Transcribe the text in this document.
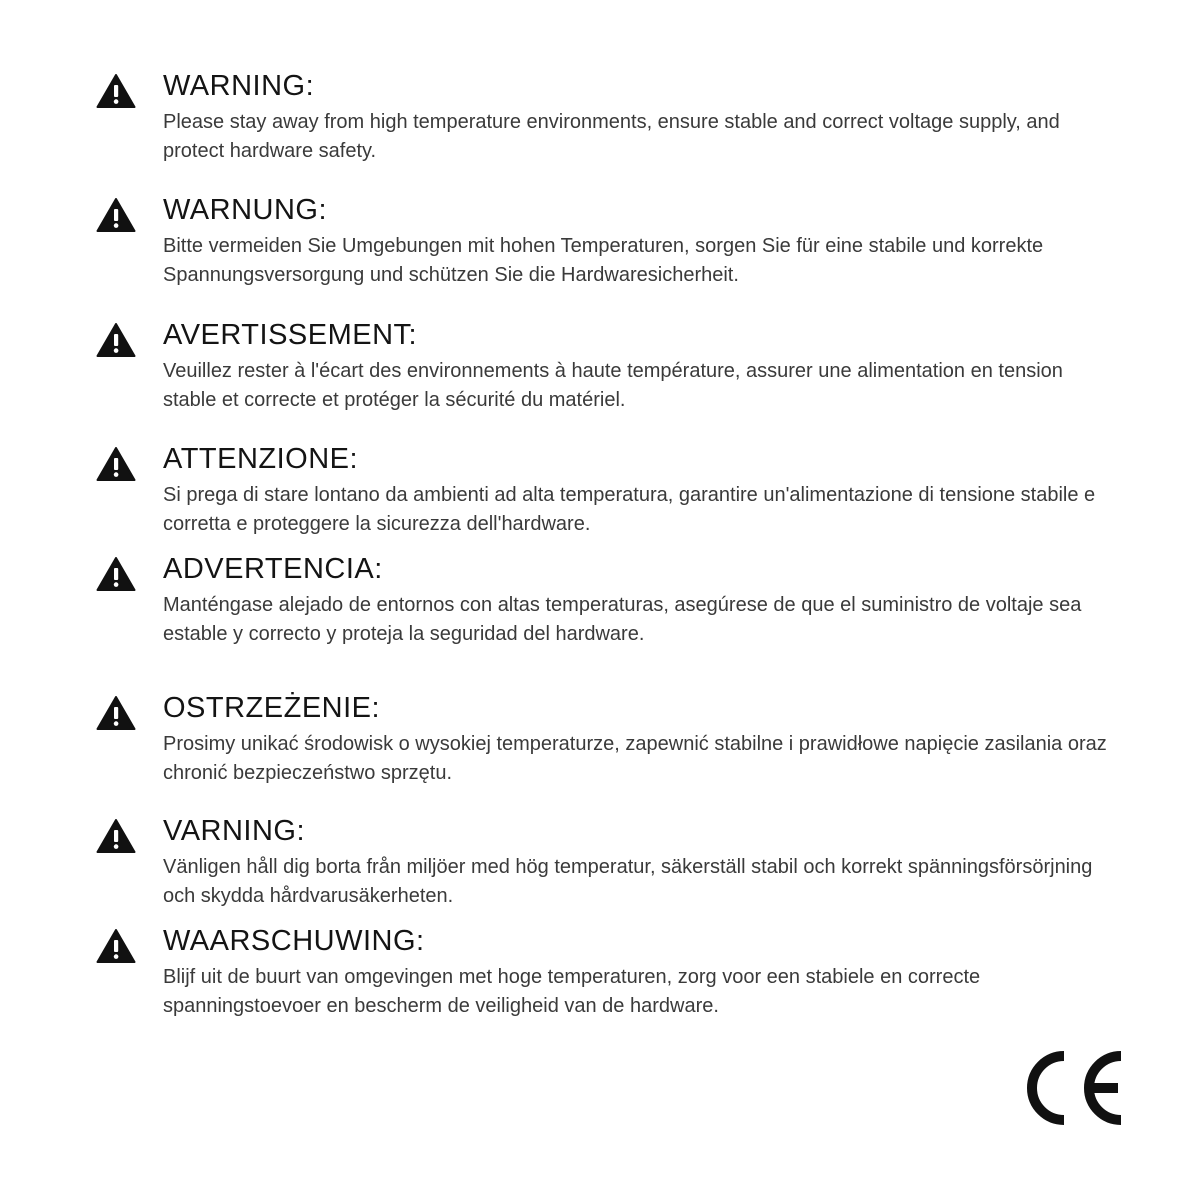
WARNING:
Please stay away from high temperature environments, ensure stable and correct voltage supply, and protect hardware safety.
WARNUNG:
Bitte vermeiden Sie Umgebungen mit hohen Temperaturen, sorgen Sie für eine stabile und korrekte Spannungsversorgung und schützen Sie die Hardwaresicherheit.
AVERTISSEMENT:
Veuillez rester à l'écart des environnements à haute température, assurer une alimentation en tension stable et correcte et protéger la sécurité du matériel.
ATTENZIONE:
Si prega di stare lontano da ambienti ad alta temperatura, garantire un'alimentazione di tensione stabile e corretta e proteggere la sicurezza dell'hardware.
ADVERTENCIA:
Manténgase alejado de entornos con altas temperaturas, asegúrese de que el suministro de voltaje sea estable y correcto y proteja la seguridad del hardware.
OSTRZEŻENIE:
Prosimy unikać środowisk o wysokiej temperaturze, zapewnić stabilne i prawidłowe napięcie zasilania oraz chronić bezpieczeństwo sprzętu.
VARNING:
Vänligen håll dig borta från miljöer med hög temperatur, säkerställ stabil och korrekt spänningsförsörjning och skydda hårdvarusäkerheten.
WAARSCHUWING:
Blijf uit de buurt van omgevingen met hoge temperaturen, zorg voor een stabiele en correcte spanningstoevoer en bescherm de veiligheid van de hardware.
